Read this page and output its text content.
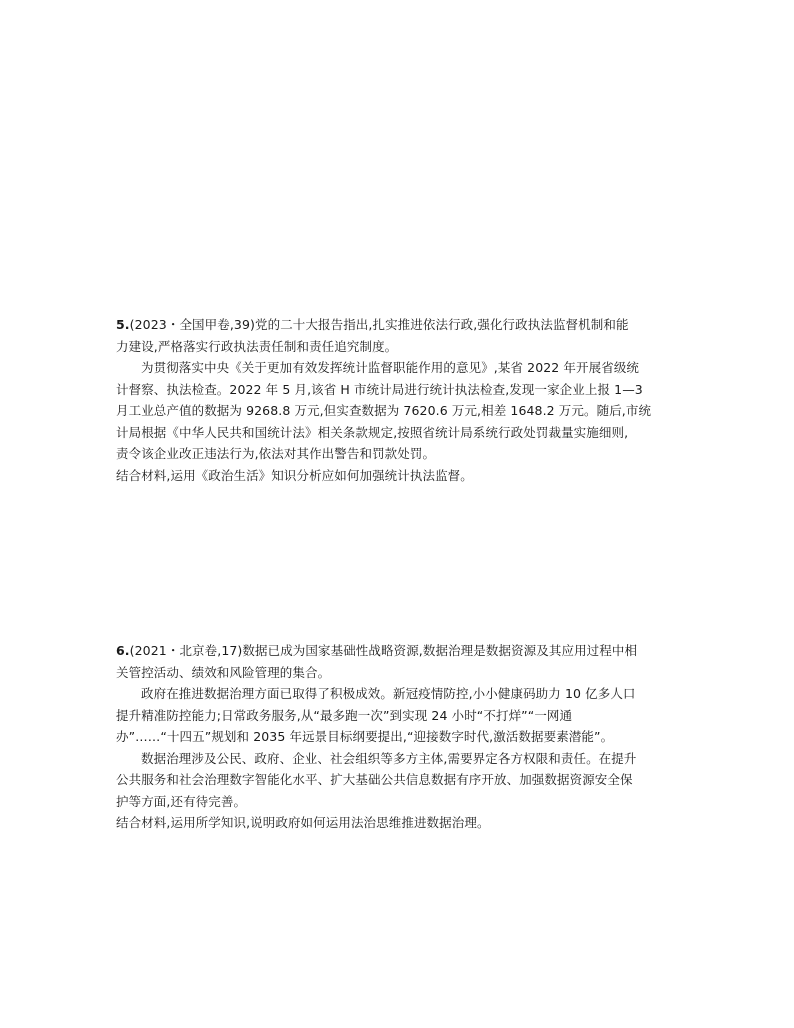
5.(2023・全国甲卷,39)党的二十大报告指出,扎实推进依法行政,强化行政执法监督机制和能
力建设,严格落实行政执法责任制和责任追究制度。
为贯彻落实中央《关于更加有效发挥统计监督职能作用的意见》,某省 2022 年开展省级统
计督察、执法检查。2022 年 5 月,该省 H 市统计局进行统计执法检查,发现一家企业上报 1—3
月工业总产值的数据为 9268.8 万元,但实查数据为 7620.6 万元,相差 1648.2 万元。随后,市统
计局根据《中华人民共和国统计法》相关条款规定,按照省统计局系统行政处罚裁量实施细则,
责令该企业改正违法行为,依法对其作出警告和罚款处罚。
结合材料,运用《政治生活》知识分析应如何加强统计执法监督。
6.(2021・北京卷,17)数据已成为国家基础性战略资源,数据治理是数据资源及其应用过程中相
关管控活动、绩效和风险管理的集合。
政府在推进数据治理方面已取得了积极成效。新冠疫情防控,小小健康码助力 10 亿多人口
提升精准防控能力;日常政务服务,从“最多跑一次”到实现 24 小时“不打烊”“一网通
办”……“十四五”规划和 2035 年远景目标纲要提出,“迎接数字时代,激活数据要素潜能”。
数据治理涉及公民、政府、企业、社会组织等多方主体,需要界定各方权限和责任。在提升
公共服务和社会治理数字智能化水平、扩大基础公共信息数据有序开放、加强数据资源安全保
护等方面,还有待完善。
结合材料,运用所学知识,说明政府如何运用法治思维推进数据治理。
